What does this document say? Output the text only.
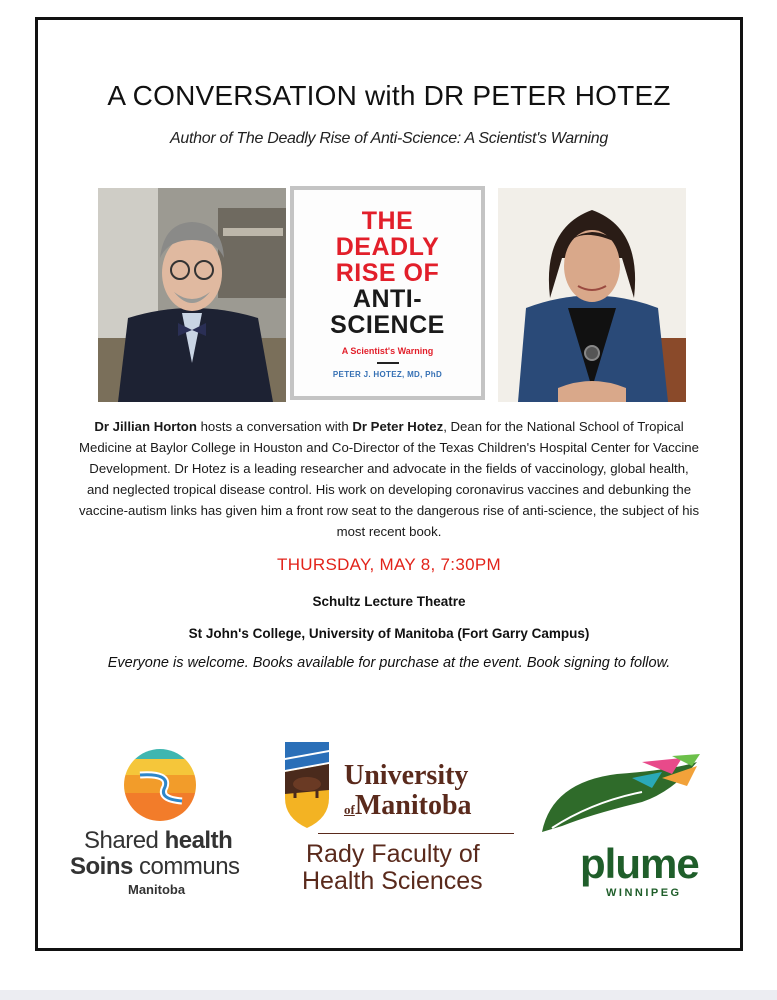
A CONVERSATION with DR PETER HOTEZ
Author of The Deadly Rise of Anti-Science: A Scientist's Warning
THE
DEADLY
RISE OF
ANTI-
SCIENCE
A Scientist's Warning
PETER J. HOTEZ, MD, PhD
Dr Jillian Horton hosts a conversation with Dr Peter Hotez, Dean for the National School of Tropical Medicine at Baylor College in Houston and Co-Director of the Texas Children's Hospital Center for Vaccine Development. Dr Hotez is a leading researcher and advocate in the fields of vaccinology, global health, and neglected tropical disease control. His work on developing coronavirus vaccines and debunking the vaccine-autism links has given him a front row seat to the dangerous rise of anti-science, the subject of his most recent book.
THURSDAY, MAY 8, 7:30PM
Schultz Lecture Theatre
St John's College, University of Manitoba (Fort Garry Campus)
Everyone is welcome. Books available for purchase at the event. Book signing to follow.
Shared health
Soins communs
Manitoba
University
ofManitoba
Rady Faculty of
Health Sciences plume
WINNIPEG
